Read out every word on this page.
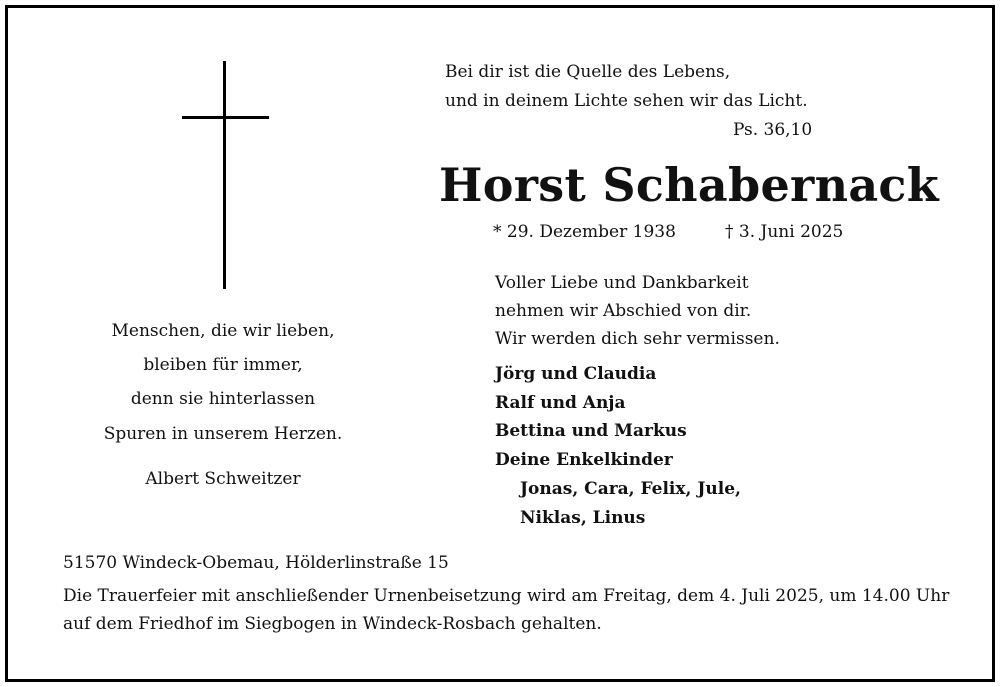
Bei dir ist die Quelle des Lebens,
und in deinem Lichte sehen wir das Licht.
Ps. 36,10
Horst Schabernack
* 29. Dezember 1938	† 3. Juni 2025
Voller Liebe und Dankbarkeit
nehmen wir Abschied von dir.
Wir werden dich sehr vermissen.
Jörg und Claudia
Ralf und Anja
Bettina und Markus
Deine Enkelkinder
Jonas, Cara, Felix, Jule,
Niklas, Linus
Menschen, die wir lieben,
bleiben für immer,
denn sie hinterlassen
Spuren in unserem Herzen.
Albert Schweitzer
51570 Windeck-Obemau, Hölderlinstraße 15
Die Trauerfeier mit anschließender Urnenbeisetzung wird am Freitag, dem 4. Juli 2025, um 14.00 Uhr
auf dem Friedhof im Siegbogen in Windeck-Rosbach gehalten.
